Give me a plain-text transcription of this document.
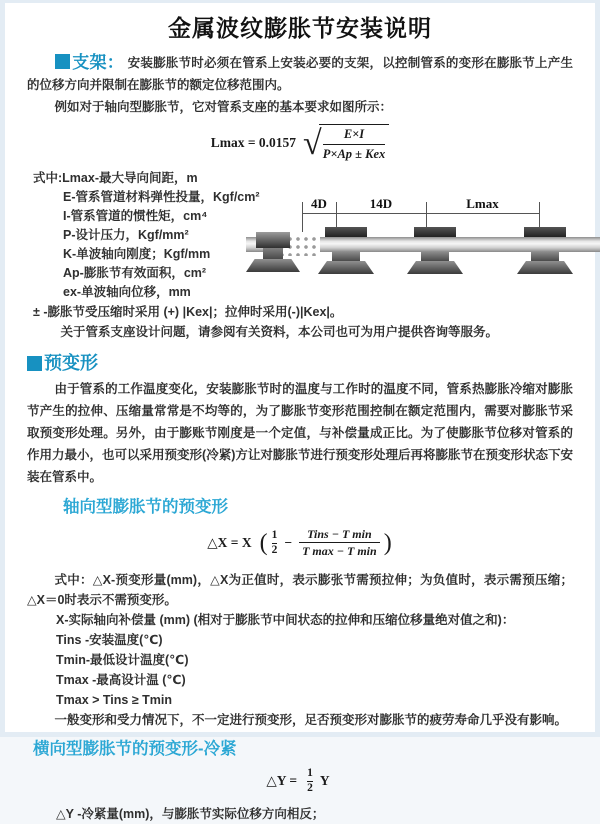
金属波纹膨胀节安装说明

支架： 安装膨胀节时必须在管系上安装必要的支架，以控制管系的变形在膨胀节上产生的位移方向并限制在膨胀节的额定位移范围内。

例如对于轴向型膨胀节，它对管系支座的基本要求如图所示：

Lmax = 0.0157 √
$\frac{E\times I}{\text{P×Ap ± Kex}}$
式中:Lmax-最大导向间距，m
E-管系管道材料弹性投量，Kgf/cm²
I-管系管道的惯性矩，cm⁴
P-设计压力，Kgf/mm²
K-单波轴向刚度；Kgf/mm
Ap-膨胀节有效面积，cm²
ex-单波轴向位移，mm

± -膨胀节受压缩时采用 (+) |Kex|；拉伸时采用(-)|Kex|。

关于管系支座设计问题，请参阅有关资料，本公司也可为用户提供咨询等服务。

预变形

由于管系的工作温度变化，安装膨胀节时的温度与工作时的温度不同，管系热膨胀冷缩对膨胀节产生的拉伸、压缩量常常是不均等的，为了膨胀节变形范围控制在额定范围内，需要对膨胀节采取预变形处理。另外，由于膨账节刚度是一个定值，与补偿量成正比。为了使膨胀节位移对管系的作用力最小，也可以采用预变形(冷紧)方让对膨胀节进行预变形处理后再将膨胀节在预变形状态下安装在管系中。

轴向型膨胀节的预变形
△X = X ( $\frac{1}{2} - \frac{\text{Tins − T min}}{\text{T max − T min}}$ )

式中：△X-预变形量(mm)，△X为正值时，表示膨张节需预拉伸；为负值时，表示需预压缩；△X＝0时表示不需预变形。

X-实际轴向补偿量 (mm) (相对于膨胀节中间状态的拉伸和压缩位移量绝对值之和)：

Tins -安装温度(℃)

Tmin-最低设计温度(℃)

Tmax -最高设计温 (℃)

Tmax > Tins ≥ Tmin

一般变形和受力情况下，不一定进行预变形，足否预变形对膨胀节的疲劳寿命几乎没有影响。

横向型膨胀节的预变形-冷紧
△Y = $\frac{1}{2}$ Y

△Y -冷紧量(mm)，与膨胀节实际位移方向相反；

4D	14D	Lmax
